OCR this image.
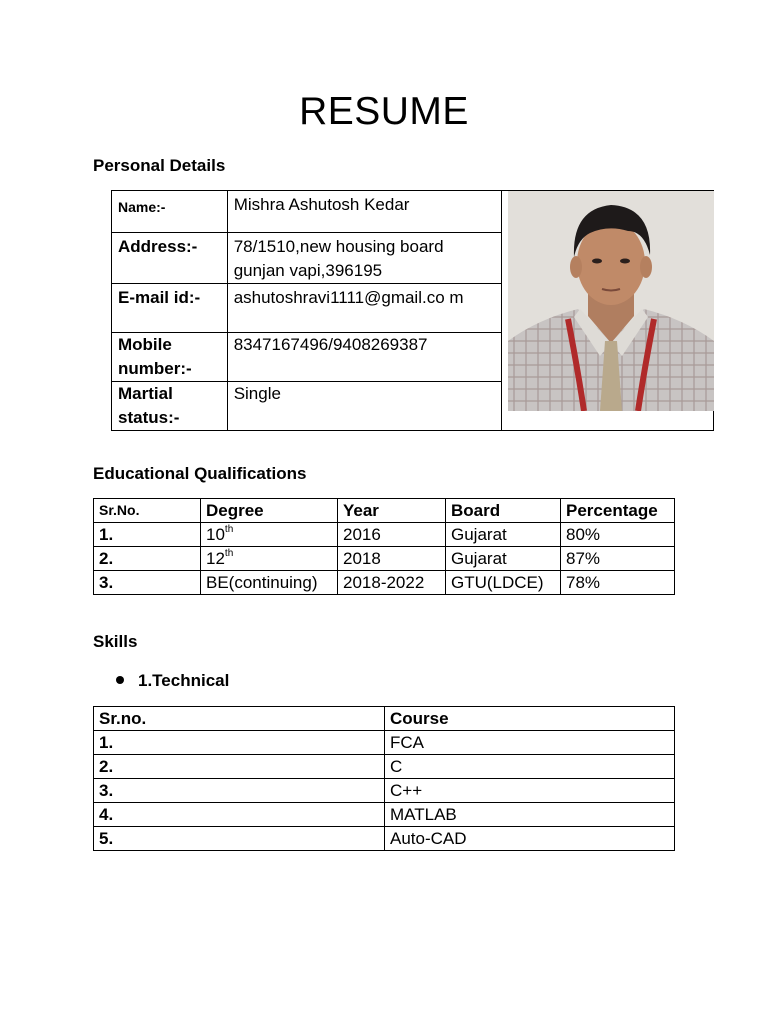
RESUME
Personal Details
Name:-	Mishra Ashutosh Kedar	

Address:-	78/1510,new housing board gunjan vapi,396195	
E-mail id:-	ashutoshravi1111@gmail.co m	
Mobile number:-	8347167496/9408269387	
Martial status:-	Single	
Educational Qualifications
Sr.No.	Degree	Year	Board	Percentage
1.	10th	2016	Gujarat	80%
2.	12th	2018	Gujarat	87%
3.	BE(continuing)	2018-2022	GTU(LDCE)	78%
Skills
1.Technical
Sr.no.	Course
1.	FCA
2.	C
3.	C++
4.	MATLAB
5.	Auto-CAD
